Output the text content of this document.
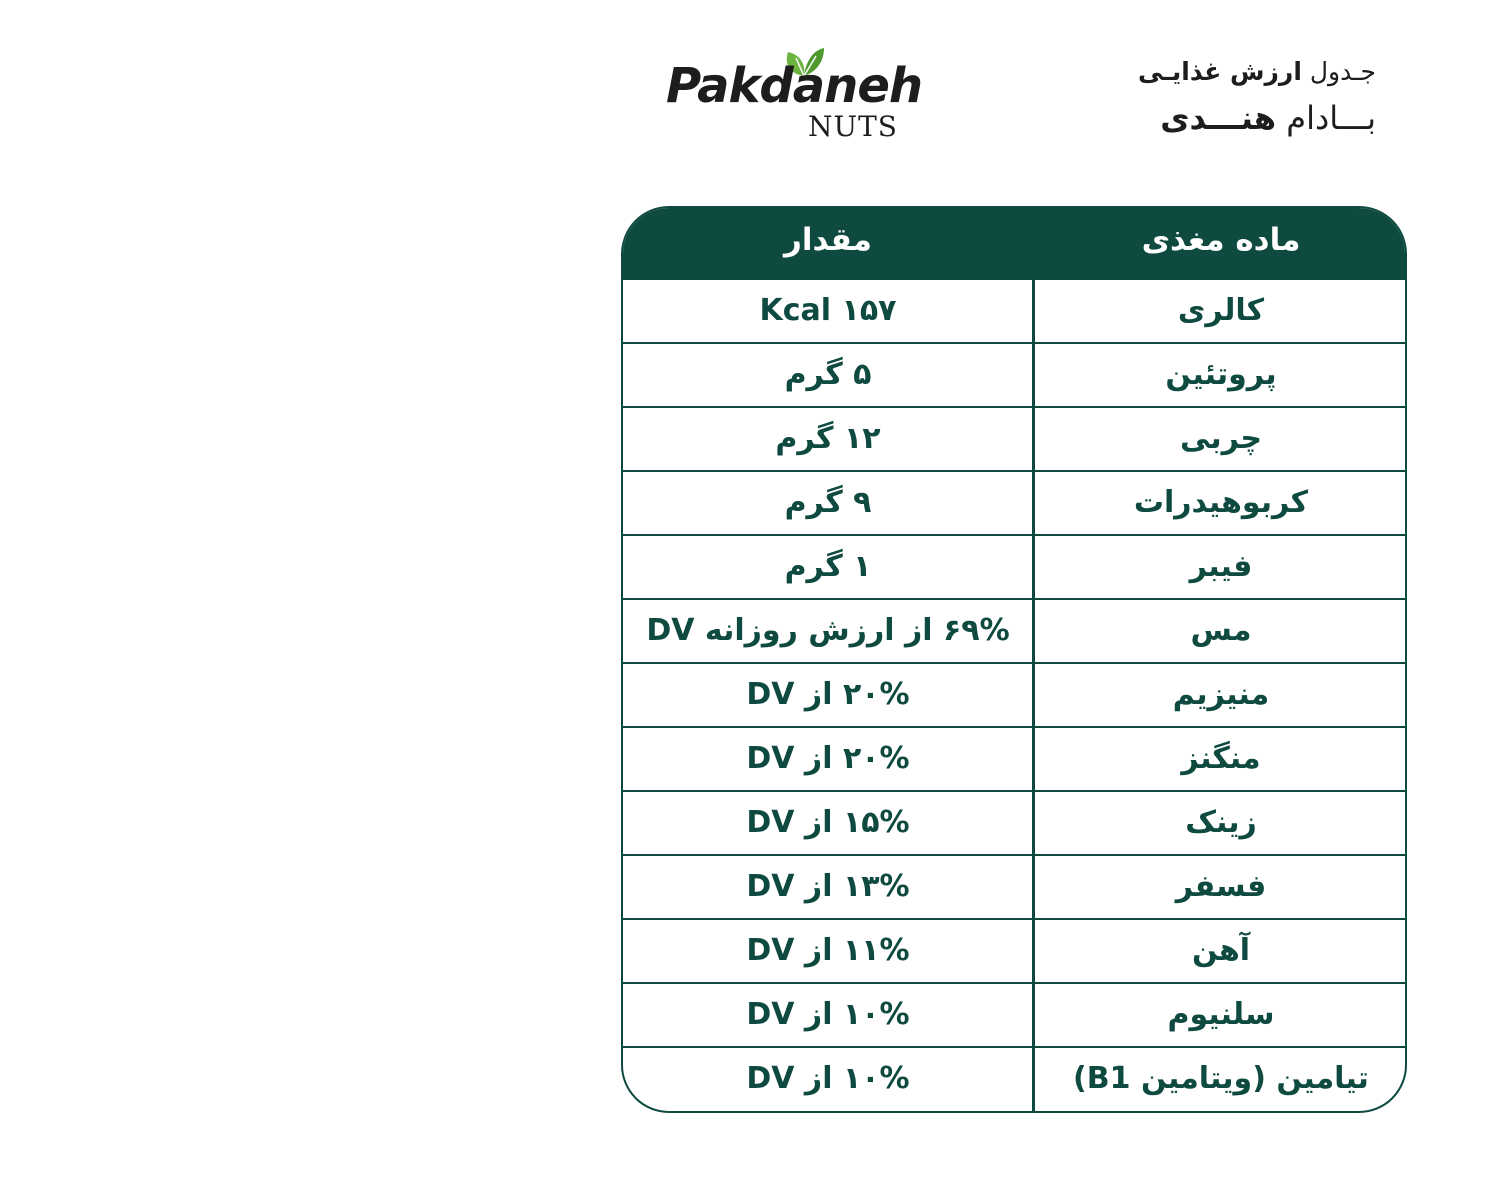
Pakdaneh
NUTS
جـدول ارزش غذایـی
بـــادام هنـــدی
ماده مغذی
مقدار
کالری
Kcal ۱۵۷
پروتئین
۵ گرم
چربی
۱۲ گرم
کربوهیدرات
۹ گرم
فیبر
۱ گرم
مس
۶۹% از ارزش روزانه DV
منیزیم
۲۰% از DV
منگنز
۲۰% از DV
زینک
۱۵% از DV
فسفر
۱۳% از DV
آهن
۱۱% از DV
سلنیوم
۱۰% از DV
تیامین (ویتامین B1)
۱۰% از DV
